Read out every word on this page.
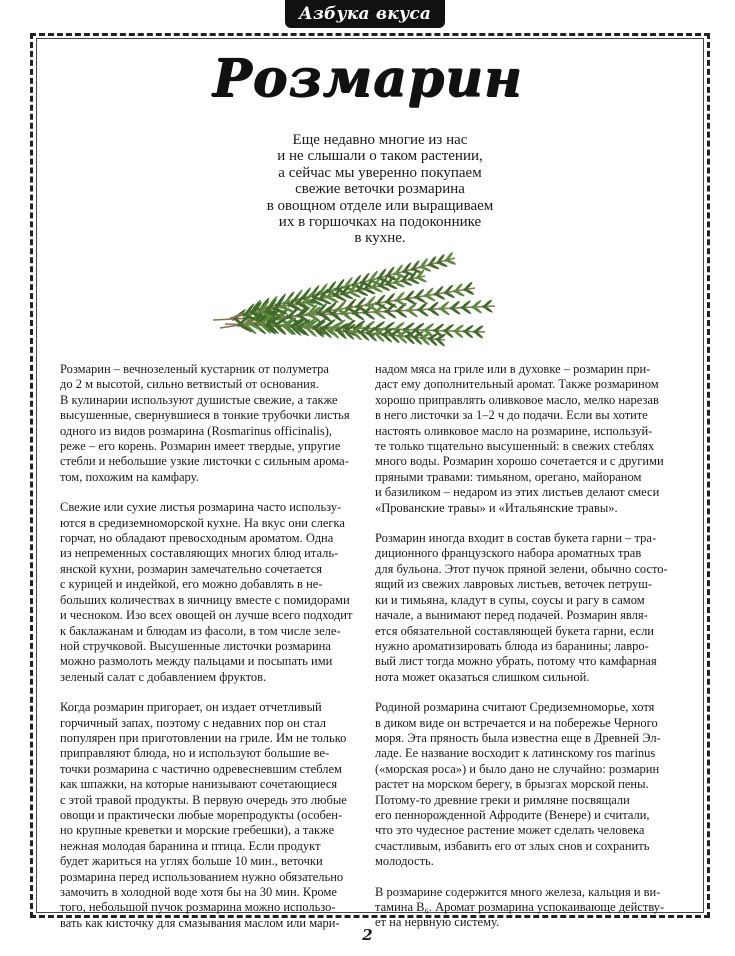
Азбука вкуса
Розмарин
Еще недавно многие из нас
и не слышали о таком растении,
а сейчас мы уверенно покупаем
свежие веточки розмарина
в овощном отделе или выращиваем
их в горшочках на подоконнике
в кухне.

Розмарин – вечнозеленый кустарник от полуметра
до 2 м высотой, сильно ветвистый от основания.
В кулинарии используют душистые свежие, а также
высушенные, свернувшиеся в тонкие трубочки листья
одного из видов розмарина (Rosmarinus officinalis),
реже – его корень. Розмарин имеет твердые, упругие
стебли и небольшие узкие листочки с сильным арома-
том, похожим на камфару.

Свежие или сухие листья розмарина часто использу-
ются в средиземноморской кухне. На вкус они слегка
горчат, но обладают превосходным ароматом. Одна
из непременных составляющих многих блюд италь-
янской кухни, розмарин замечательно сочетается
с курицей и индейкой, его можно добавлять в не-
больших количествах в яичницу вместе с помидорами
и чесноком. Изо всех овощей он лучше всего подходит
к баклажанам и блюдам из фасоли, в том числе зеле-
ной стручковой. Высушенные листочки розмарина
можно размолоть между пальцами и посыпать ими
зеленый салат с добавлением фруктов.

Когда розмарин пригорает, он издает отчетливый
горчичный запах, поэтому с недавних пор он стал
популярен при приготовлении на гриле. Им не только
приправляют блюда, но и используют большие ве-
точки розмарина с частично одревесневшим стеблем
как шпажки, на которые нанизывают сочетающиеся
с этой травой продукты. В первую очередь это любые
овощи и практически любые морепродукты (особен-
но крупные креветки и морские гребешки), а также
нежная молодая баранина и птица. Если продукт
будет жариться на углях больше 10 мин., веточки
розмарина перед использованием нужно обязательно
замочить в холодной воде хотя бы на 30 мин. Кроме
того, небольшой пучок розмарина можно использо-
вать как кисточку для смазывания маслом или мари-

надом мяса на гриле или в духовке – розмарин при-
даст ему дополнительный аромат. Также розмарином
хорошо приправлять оливковое масло, мелко нарезав
в него листочки за 1–2 ч до подачи. Если вы хотите
настоять оливковое масло на розмарине, используй-
те только тщательно высушенный: в свежих стеблях
много воды. Розмарин хорошо сочетается и с другими
пряными травами: тимьяном, орегано, майораном
и базиликом – недаром из этих листьев делают смеси
«Прованские травы» и «Итальянские травы».

Розмарин иногда входит в состав букета гарни – тра-
диционного французского набора ароматных трав
для бульона. Этот пучок пряной зелени, обычно состо-
ящий из свежих лавровых листьев, веточек петруш-
ки и тимьяна, кладут в супы, соусы и рагу в самом
начале, а вынимают перед подачей. Розмарин явля-
ется обязательной составляющей букета гарни, если
нужно ароматизировать блюда из баранины; лавро-
вый лист тогда можно убрать, потому что камфарная
нота может оказаться слишком сильной.

Родиной розмарина считают Средиземноморье, хотя
в диком виде он встречается и на побережье Черного
моря. Эта пряность была известна еще в Древней Эл-
ладе. Ее название восходит к латинскому ros marinus
(«морская роса») и было дано не случайно: розмарин
растет на морском берегу, в брызгах морской пены.
Потому-то древние греки и римляне посвящали
его пеннорожденной Афродите (Венере) и считали,
что это чудесное растение может сделать человека
счастливым, избавить его от злых снов и сохранить
молодость.

В розмарине содержится много железа, кальция и ви-
тамина B₆. Аромат розмарина успокаивающе действу-
ет на нервную систему.

2
